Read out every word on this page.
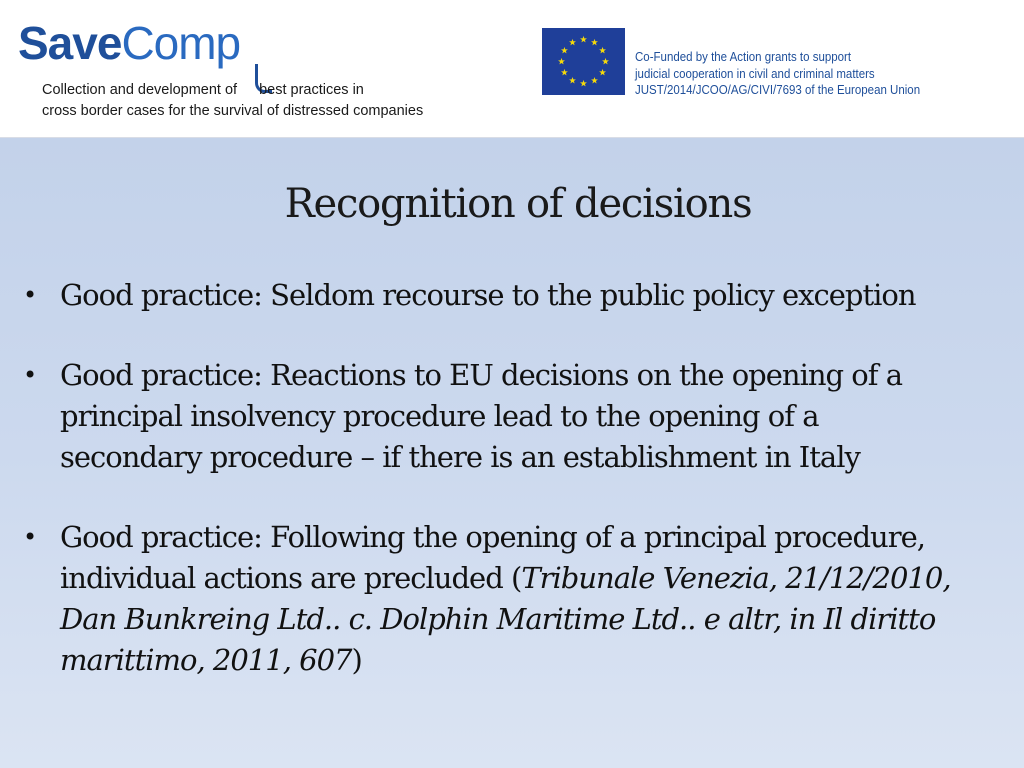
SaveComp
Collection and development of best practices in
cross border cases for the survival of distressed companies
Co-Funded by the Action grants to support
judicial cooperation in civil and criminal matters
JUST/2014/JCOO/AG/CIVI/7693 of the European Union
Recognition of decisions
• Good practice: Seldom recourse to the public policy exception
• Good practice: Reactions to EU decisions on the opening of a
principal insolvency procedure lead to the opening of a
secondary procedure – if there is an establishment in Italy
• Good practice: Following the opening of a principal procedure,
individual actions are precluded (Tribunale Venezia, 21/12/2010,
Dan Bunkreing Ltd.. c. Dolphin Maritime Ltd.. e altr, in Il diritto
marittimo, 2011, 607)
